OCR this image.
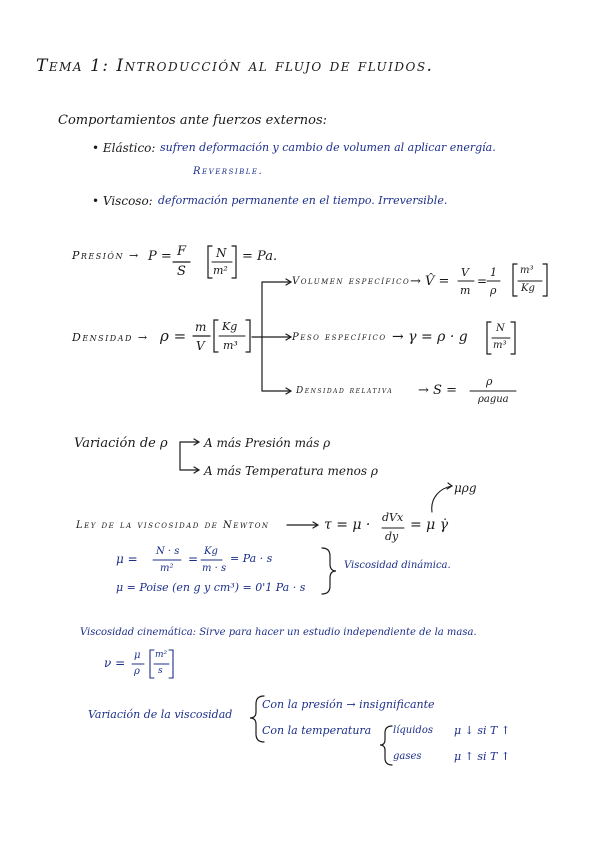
Tema 1: Introducción al flujo de fluidos.
Comportamientos ante fuerzos externos:
• Elástico: sufren deformación y cambio de volumen al aplicar energía.
Reversible.
• Viscoso: deformación permanente en el tiempo. Irreversible.
Presión → P = F
S
N
m²
= Pa.
Densidad → ρ = m
V
Kg
m³
Volumen específico → V̂ =
V
m
=
1
ρ
m³
Kg
Peso específico → γ = ρ · g
N
m³
Densidad relativa → S =
ρ
ρagua
Variación de ρ	A más Presión más ρ
A más Temperatura menos ρ
Ley de la viscosidad de Newton	τ = μ · dVx
dy
= μ γ̇
μρg
μ =
N · s
m²
=
Kg
m · s
= Pa · s
μ = Poise (en g y cm³) = 0'1 Pa · s
Viscosidad dinámica.
Viscosidad cinemática: Sirve para hacer un estudio independiente de la masa.
ν =
μ
ρ
m²
s
Variación de la viscosidad
Con la presión → insignificante
Con la temperatura líquidos μ ↓ si T ↑
gases	μ ↑ si T ↑
